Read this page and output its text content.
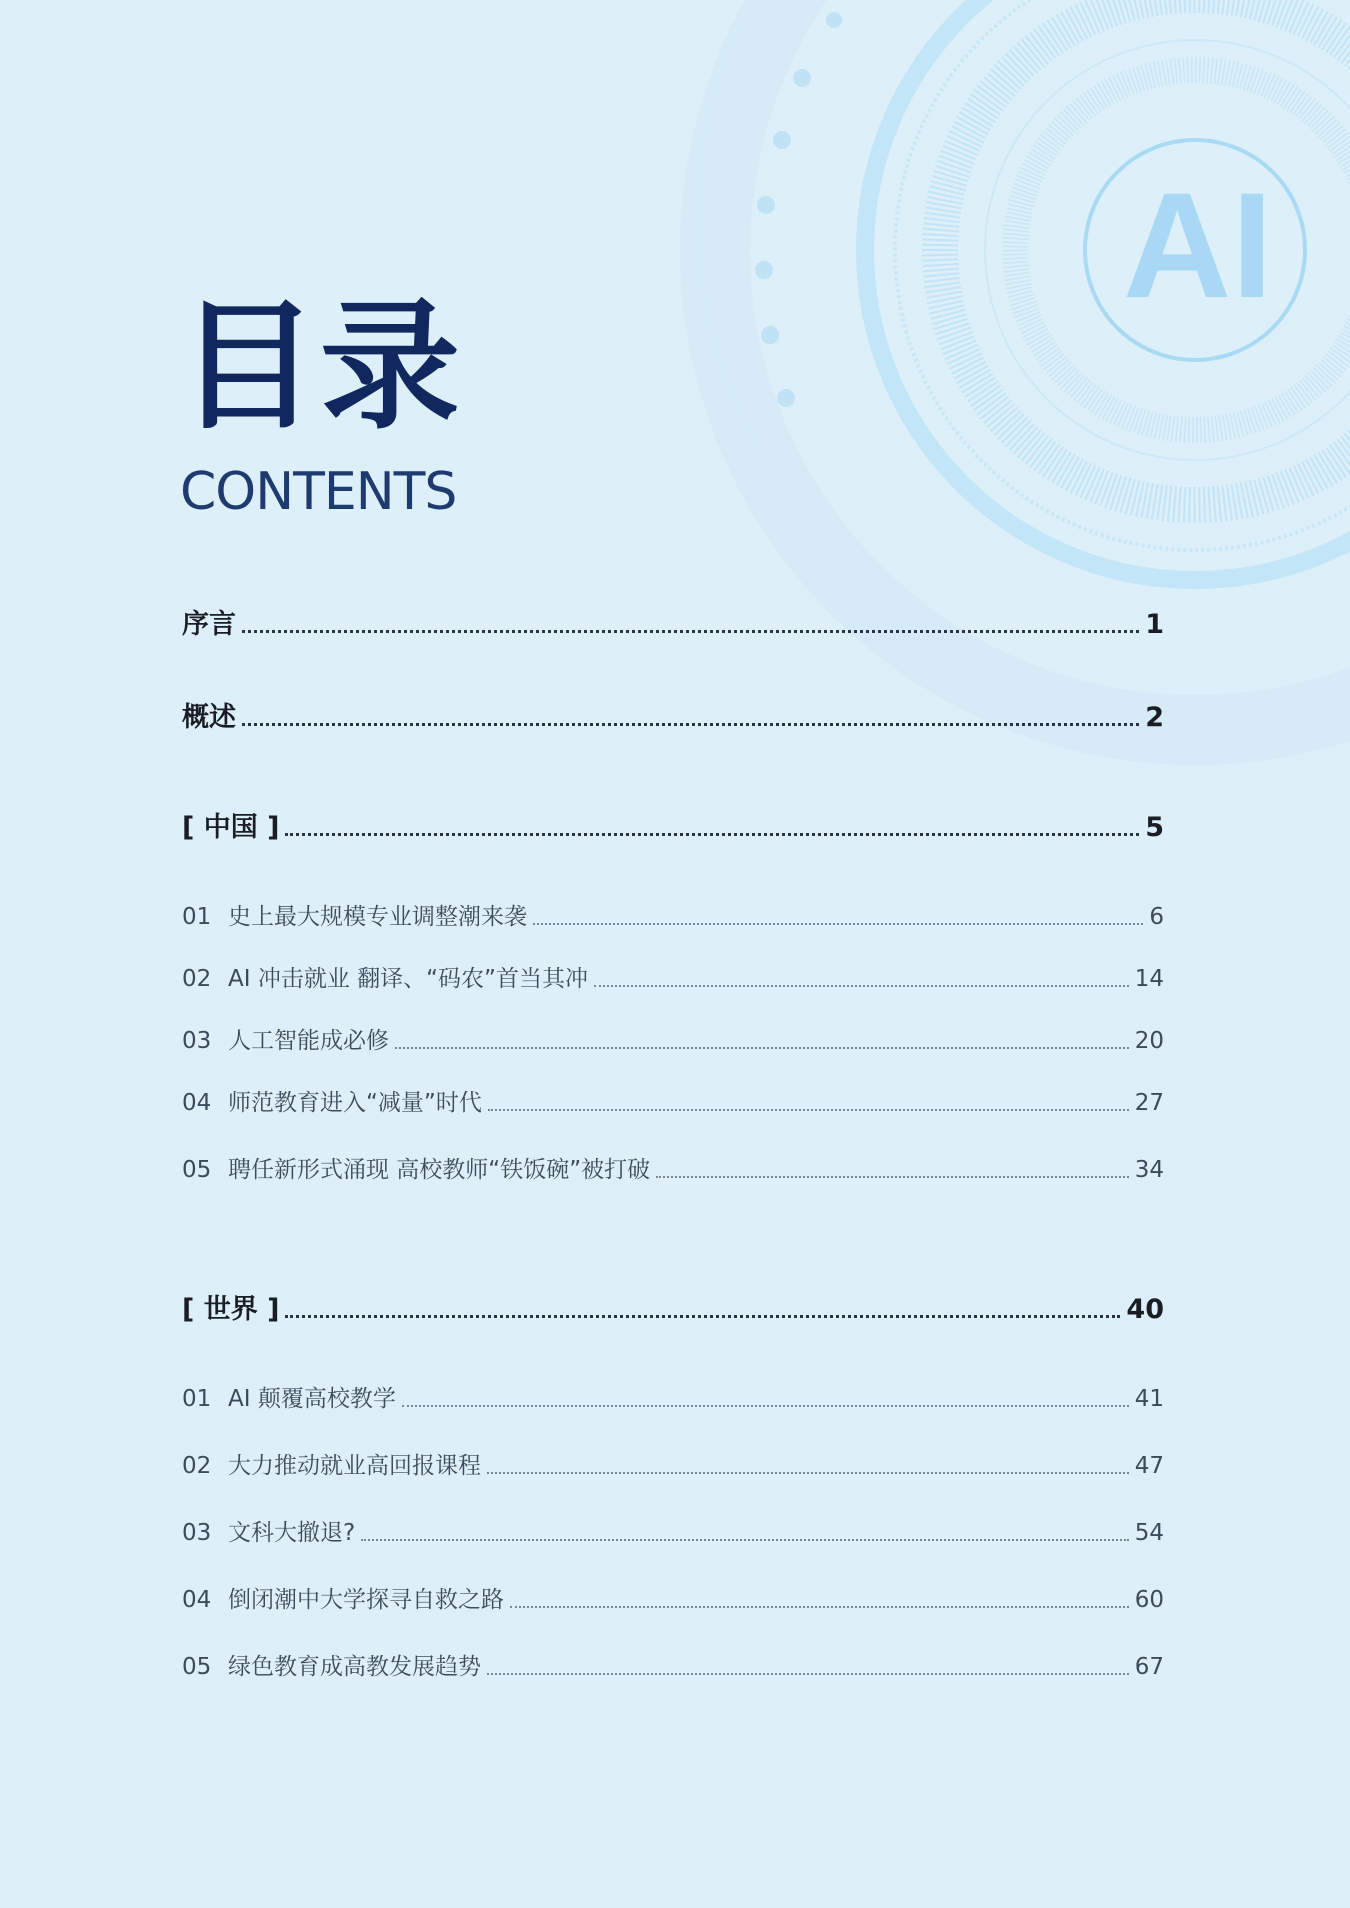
AI
目录
CONTENTS
序言	1
概述	2
[ 中国 ]	5
01 史上最大规模专业调整潮来袭	6
02 AI 冲击就业 翻译、“码农”首当其冲	14
03 人工智能成必修	20
04 师范教育进入“减量”时代	27
05 聘任新形式涌现 高校教师“铁饭碗”被打破	34
[ 世界 ]	40
01 AI 颠覆高校教学	41
02 大力推动就业高回报课程	47
03 文科大撤退?	54
04 倒闭潮中大学探寻自救之路	60
05 绿色教育成高教发展趋势	67
